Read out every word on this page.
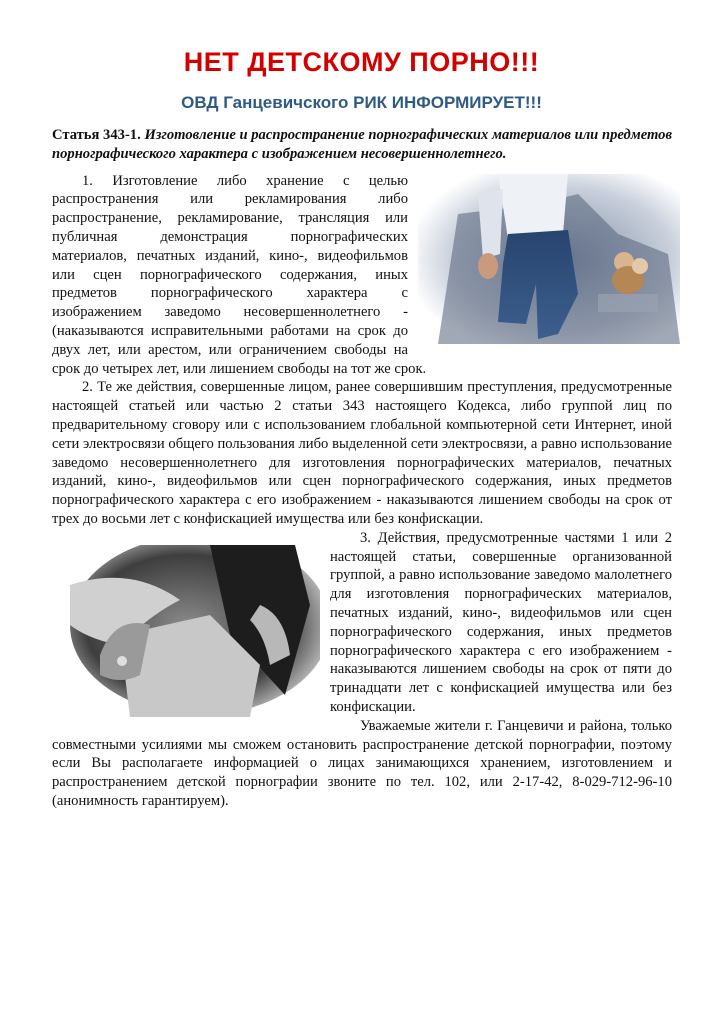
НЕТ ДЕТСКОМУ ПОРНО!!!
ОВД Ганцевичского РИК ИНФОРМИРУЕТ!!!

Статья 343-1. Изготовление и распространение порнографических материалов или предметов порнографического характера с изображением несовершеннолетнего.

1. Изготовление либо хранение с целью распространения или рекламирования либо распространение, рекламирование, трансляция или публичная демонстрация порнографических материалов, печатных изданий, кино-, видеофильмов или сцен порнографического содержания, иных предметов порнографического характера с изображением заведомо несовершеннолетнего - (наказываются исправительными работами на срок до двух лет, или арестом, или ограничением свободы на срок до четырех лет, или лишением свободы на тот же срок.

2. Те же действия, совершенные лицом, ранее совершившим преступления, предусмотренные настоящей статьей или частью 2 статьи 343 настоящего Кодекса, либо группой лиц по предварительному сговору или с использованием глобальной компьютерной сети Интернет, иной сети электросвязи общего пользования либо выделенной сети электросвязи, а равно использование заведомо несовершеннолетнего для изготовления порнографических материалов, печатных изданий, кино-, видеофильмов или сцен порнографического содержания, иных предметов порнографического характера с его изображением - наказываются лишением свободы на срок от трех до восьми лет с конфискацией имущества или без конфискации.

3. Действия, предусмотренные частями 1 или 2 настоящей статьи, совершенные организованной группой, а равно использование заведомо малолетнего для изготовления порнографических материалов, печатных изданий, кино-, видеофильмов или сцен порнографического содержания, иных предметов порнографического характера с его изображением - наказываются лишением свободы на срок от пяти до тринадцати лет с конфискацией имущества или без конфискации.

Уважаемые жители г. Ганцевичи и района, только совместными усилиями мы сможем остановить распространение детской порнографии, поэтому если Вы располагаете информацией о лицах занимающихся хранением, изготовлением и распространением детской порнографии звоните по тел. 102, или 2-17-42, 8-029-712-96-10 (анонимность гарантируем).
